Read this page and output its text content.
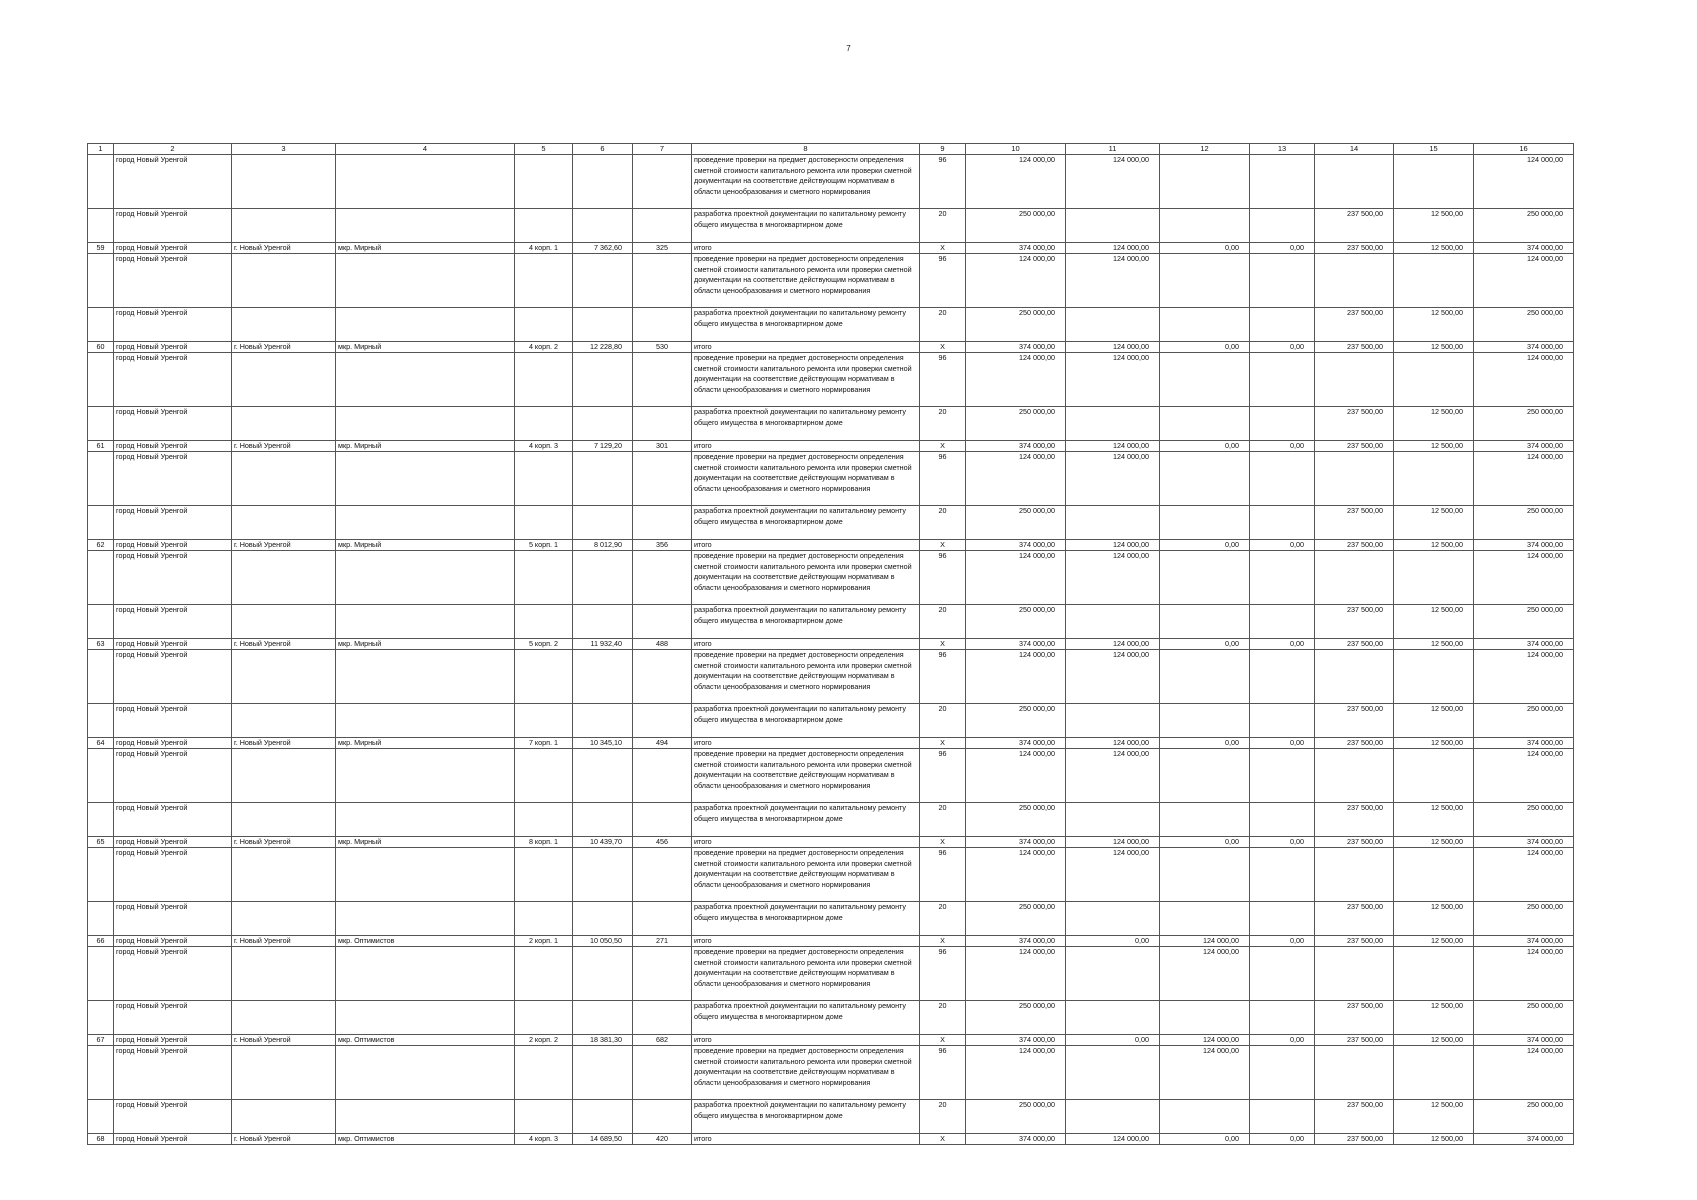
7
1	2	3	4	5	6	7	8	9	10	11	12	13	14	15	16
	город Новый Уренгой						проведение проверки на предмет достоверности определения сметной стоимости капитального ремонта или проверки сметной документации на соответствие действующим нормативам в области ценообразования и сметного нормирования	96	124 000,00	124 000,00					124 000,00
	город Новый Уренгой						разработка проектной документации по капитальному ремонту общего имущества в многоквартирном доме	20	250 000,00				237 500,00	12 500,00	250 000,00
59	город Новый Уренгой	г. Новый Уренгой	мкр. Мирный	4 корп. 1	7 362,60	325	итого	X	374 000,00	124 000,00	0,00	0,00	237 500,00	12 500,00	374 000,00
	город Новый Уренгой						проведение проверки на предмет достоверности определения сметной стоимости капитального ремонта или проверки сметной документации на соответствие действующим нормативам в области ценообразования и сметного нормирования	96	124 000,00	124 000,00					124 000,00
	город Новый Уренгой						разработка проектной документации по капитальному ремонту общего имущества в многоквартирном доме	20	250 000,00				237 500,00	12 500,00	250 000,00
60	город Новый Уренгой	г. Новый Уренгой	мкр. Мирный	4 корп. 2	12 228,80	530	итого	X	374 000,00	124 000,00	0,00	0,00	237 500,00	12 500,00	374 000,00
	город Новый Уренгой						проведение проверки на предмет достоверности определения сметной стоимости капитального ремонта или проверки сметной документации на соответствие действующим нормативам в области ценообразования и сметного нормирования	96	124 000,00	124 000,00					124 000,00
	город Новый Уренгой						разработка проектной документации по капитальному ремонту общего имущества в многоквартирном доме	20	250 000,00				237 500,00	12 500,00	250 000,00
61	город Новый Уренгой	г. Новый Уренгой	мкр. Мирный	4 корп. 3	7 129,20	301	итого	X	374 000,00	124 000,00	0,00	0,00	237 500,00	12 500,00	374 000,00
	город Новый Уренгой						проведение проверки на предмет достоверности определения сметной стоимости капитального ремонта или проверки сметной документации на соответствие действующим нормативам в области ценообразования и сметного нормирования	96	124 000,00	124 000,00					124 000,00
	город Новый Уренгой						разработка проектной документации по капитальному ремонту общего имущества в многоквартирном доме	20	250 000,00				237 500,00	12 500,00	250 000,00
62	город Новый Уренгой	г. Новый Уренгой	мкр. Мирный	5 корп. 1	8 012,90	356	итого	X	374 000,00	124 000,00	0,00	0,00	237 500,00	12 500,00	374 000,00
	город Новый Уренгой						проведение проверки на предмет достоверности определения сметной стоимости капитального ремонта или проверки сметной документации на соответствие действующим нормативам в области ценообразования и сметного нормирования	96	124 000,00	124 000,00					124 000,00
	город Новый Уренгой						разработка проектной документации по капитальному ремонту общего имущества в многоквартирном доме	20	250 000,00				237 500,00	12 500,00	250 000,00
63	город Новый Уренгой	г. Новый Уренгой	мкр. Мирный	5 корп. 2	11 932,40	488	итого	X	374 000,00	124 000,00	0,00	0,00	237 500,00	12 500,00	374 000,00
	город Новый Уренгой						проведение проверки на предмет достоверности определения сметной стоимости капитального ремонта или проверки сметной документации на соответствие действующим нормативам в области ценообразования и сметного нормирования	96	124 000,00	124 000,00					124 000,00
	город Новый Уренгой						разработка проектной документации по капитальному ремонту общего имущества в многоквартирном доме	20	250 000,00				237 500,00	12 500,00	250 000,00
64	город Новый Уренгой	г. Новый Уренгой	мкр. Мирный	7 корп. 1	10 345,10	494	итого	X	374 000,00	124 000,00	0,00	0,00	237 500,00	12 500,00	374 000,00
	город Новый Уренгой						проведение проверки на предмет достоверности определения сметной стоимости капитального ремонта или проверки сметной документации на соответствие действующим нормативам в области ценообразования и сметного нормирования	96	124 000,00	124 000,00					124 000,00
	город Новый Уренгой						разработка проектной документации по капитальному ремонту общего имущества в многоквартирном доме	20	250 000,00				237 500,00	12 500,00	250 000,00
65	город Новый Уренгой	г. Новый Уренгой	мкр. Мирный	8 корп. 1	10 439,70	456	итого	X	374 000,00	124 000,00	0,00	0,00	237 500,00	12 500,00	374 000,00
	город Новый Уренгой						проведение проверки на предмет достоверности определения сметной стоимости капитального ремонта или проверки сметной документации на соответствие действующим нормативам в области ценообразования и сметного нормирования	96	124 000,00	124 000,00					124 000,00
	город Новый Уренгой						разработка проектной документации по капитальному ремонту общего имущества в многоквартирном доме	20	250 000,00				237 500,00	12 500,00	250 000,00
66	город Новый Уренгой	г. Новый Уренгой	мкр. Оптимистов	2 корп. 1	10 050,50	271	итого	X	374 000,00	0,00	124 000,00	0,00	237 500,00	12 500,00	374 000,00
	город Новый Уренгой						проведение проверки на предмет достоверности определения сметной стоимости капитального ремонта или проверки сметной документации на соответствие действующим нормативам в области ценообразования и сметного нормирования	96	124 000,00		124 000,00				124 000,00
	город Новый Уренгой						разработка проектной документации по капитальному ремонту общего имущества в многоквартирном доме	20	250 000,00				237 500,00	12 500,00	250 000,00
67	город Новый Уренгой	г. Новый Уренгой	мкр. Оптимистов	2 корп. 2	18 381,30	682	итого	X	374 000,00	0,00	124 000,00	0,00	237 500,00	12 500,00	374 000,00
	город Новый Уренгой						проведение проверки на предмет достоверности определения сметной стоимости капитального ремонта или проверки сметной документации на соответствие действующим нормативам в области ценообразования и сметного нормирования	96	124 000,00		124 000,00				124 000,00
	город Новый Уренгой						разработка проектной документации по капитальному ремонту общего имущества в многоквартирном доме	20	250 000,00				237 500,00	12 500,00	250 000,00
68	город Новый Уренгой	г. Новый Уренгой	мкр. Оптимистов	4 корп. 3	14 689,50	420	итого	X	374 000,00	124 000,00	0,00	0,00	237 500,00	12 500,00	374 000,00
